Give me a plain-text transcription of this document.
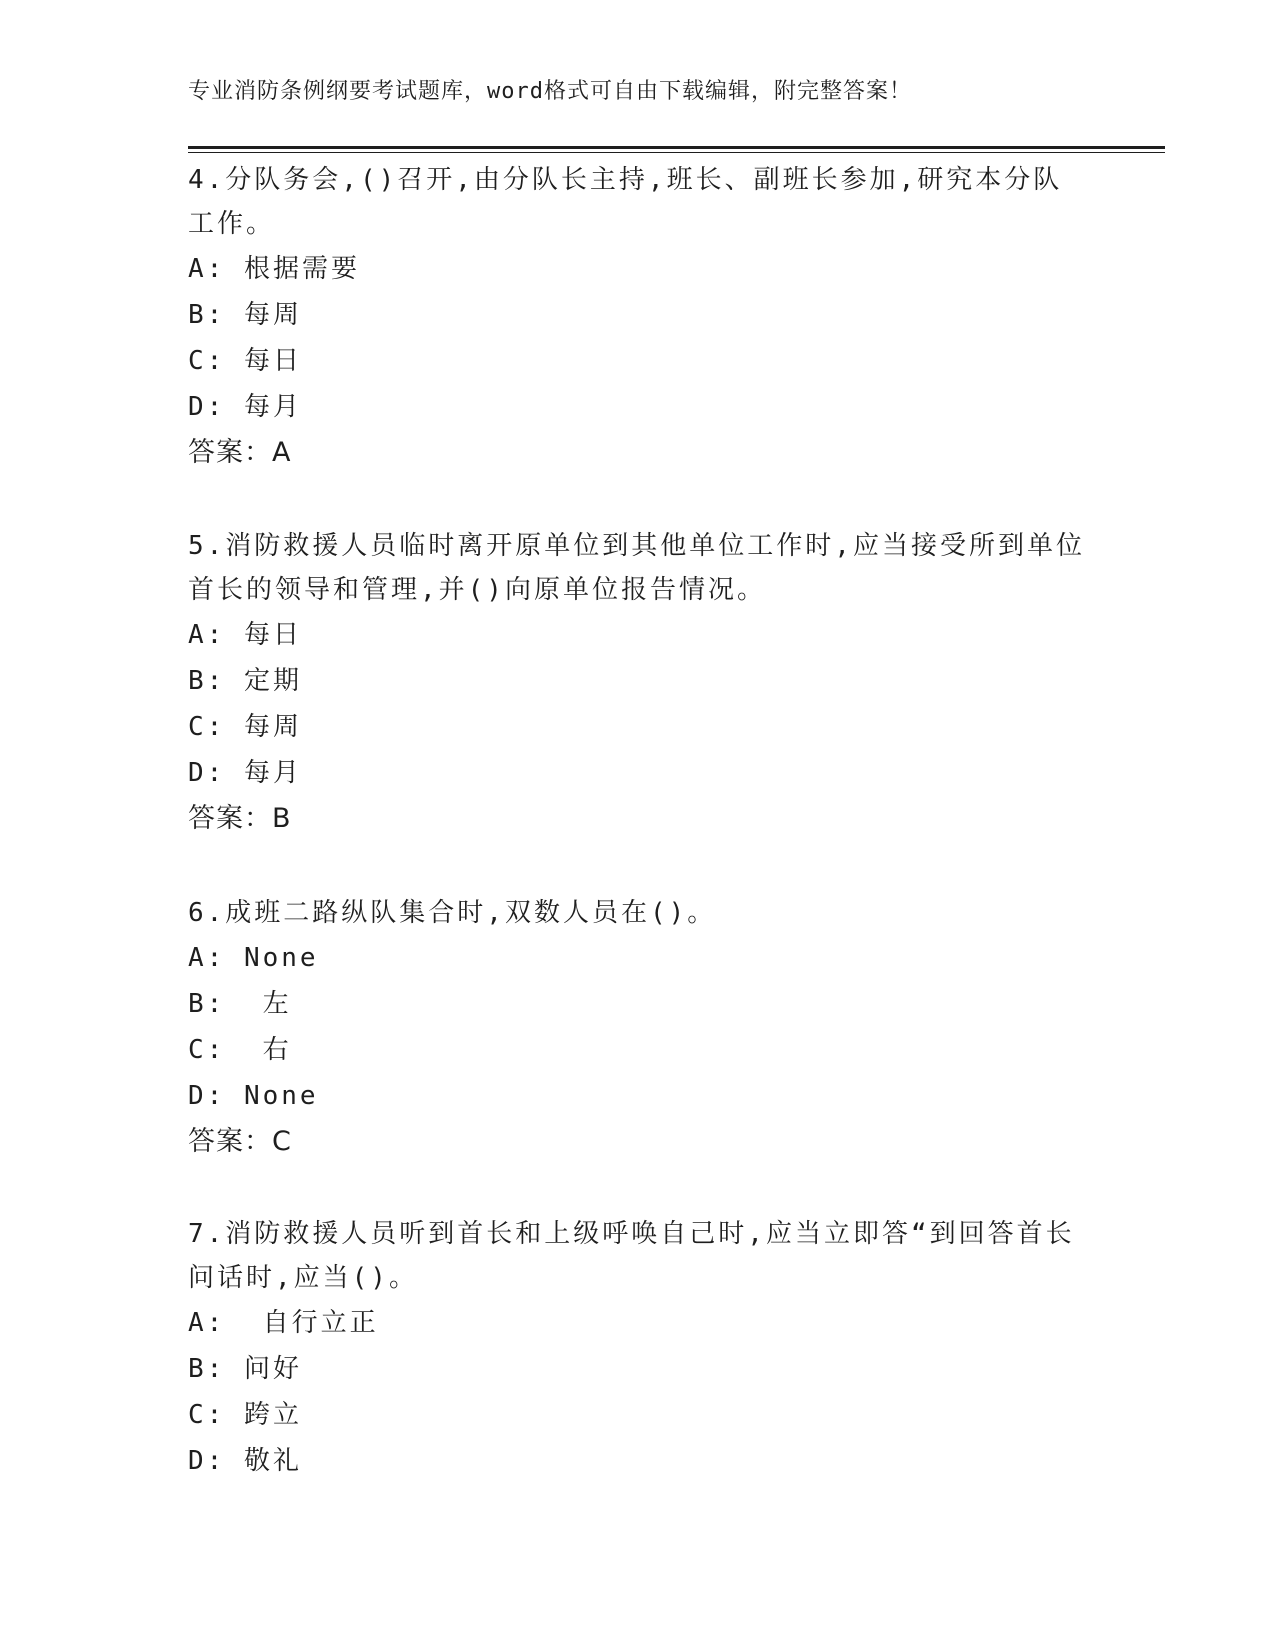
专业消防条例纲要考试题库，word格式可自由下载编辑，附完整答案！

4.分队务会,()召开,由分队长主持,班长、副班长参加,研究本分队工作。

A: 根据需要
B: 每周
C: 每日
D: 每月
答案：A

5.消防救援人员临时离开原单位到其他单位工作时,应当接受所到单位首长的领导和管理,并()向原单位报告情况。

A: 每日
B: 定期
C: 每周
D: 每月
答案：B

6.成班二路纵队集合时,双数人员在()。

A: None
B:  左
C:  右
D: None
答案：C

7.消防救援人员听到首长和上级呼唤自己时,应当立即答“到回答首长问话时,应当()。

A:  自行立正
B: 问好
C: 跨立
D: 敬礼
